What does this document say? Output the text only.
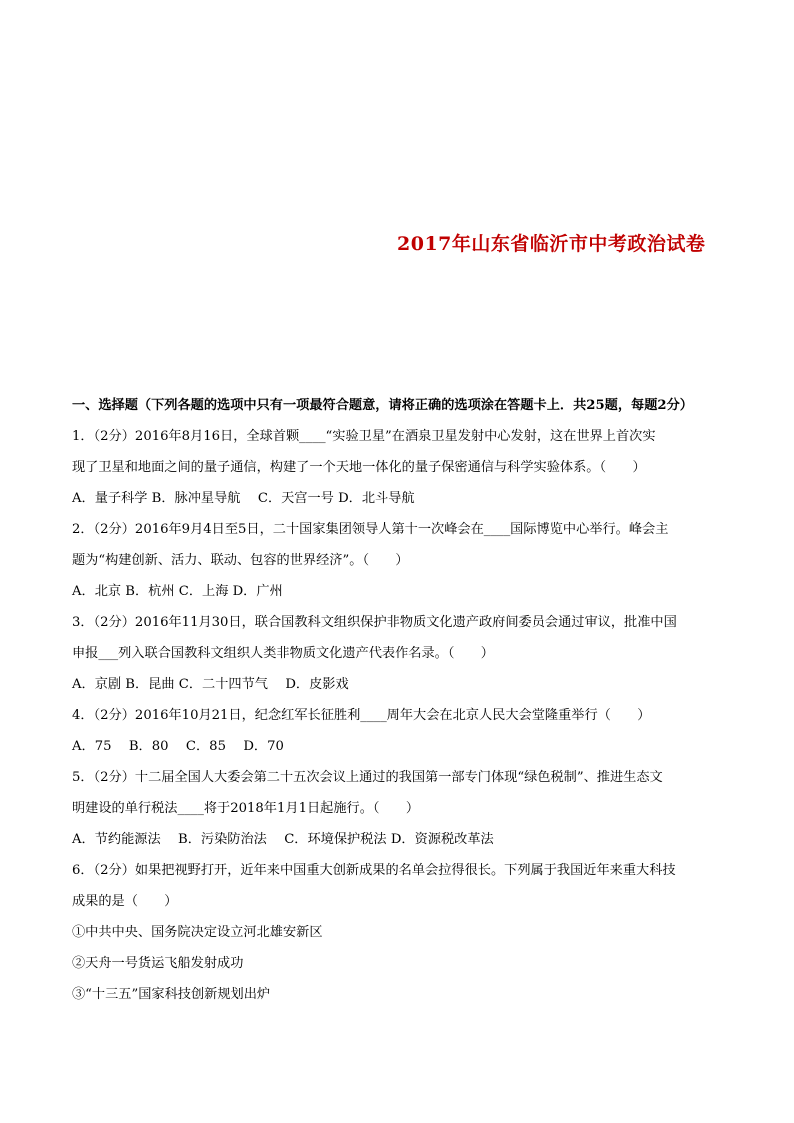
2017年山东省临沂市中考政治试卷
一、选择题（下列各题的选项中只有一项最符合题意，请将正确的选项涂在答题卡上．共25题，每题2分）
1．（2分）2016年8月16日，全球首颗____“实验卫星”在酒泉卫星发射中心发射，这在世界上首次实
现了卫星和地面之间的量子通信，构建了一个天地一体化的量子保密通信与科学实验体系。（　　）
A．量子科学 B．脉冲星导航　 C．天宫一号 D．北斗导航
2．（2分）2016年9月4日至5日，二十国家集团领导人第十一次峰会在____国际博览中心举行。峰会主
题为“构建创新、活力、联动、包容的世界经济”。（　　）
A．北京 B．杭州 C．上海 D．广州
3．（2分）2016年11月30日，联合国教科文组织保护非物质文化遗产政府间委员会通过审议，批准中国
申报___列入联合国教科文组织人类非物质文化遗产代表作名录。（　　）
A．京剧 B．昆曲 C．二十四节气　 D．皮影戏
4．（2分）2016年10月21日，纪念红军长征胜利____周年大会在北京人民大会堂隆重举行（　　）
A．75　 B．80　 C．85　 D．70
5．（2分）十二届全国人大委会第二十五次会议上通过的我国第一部专门体现“绿色税制”、推进生态文
明建设的单行税法____将于2018年1月1日起施行。（　　）
A．节约能源法　 B．污染防治法　 C．环境保护税法 D．资源税改革法
6．（2分）如果把视野打开，近年来中国重大创新成果的名单会拉得很长。下列属于我国近年来重大科技
成果的是（　　）
①中共中央、国务院决定设立河北雄安新区
②天舟一号货运飞船发射成功
③“十三五”国家科技创新规划出炉
